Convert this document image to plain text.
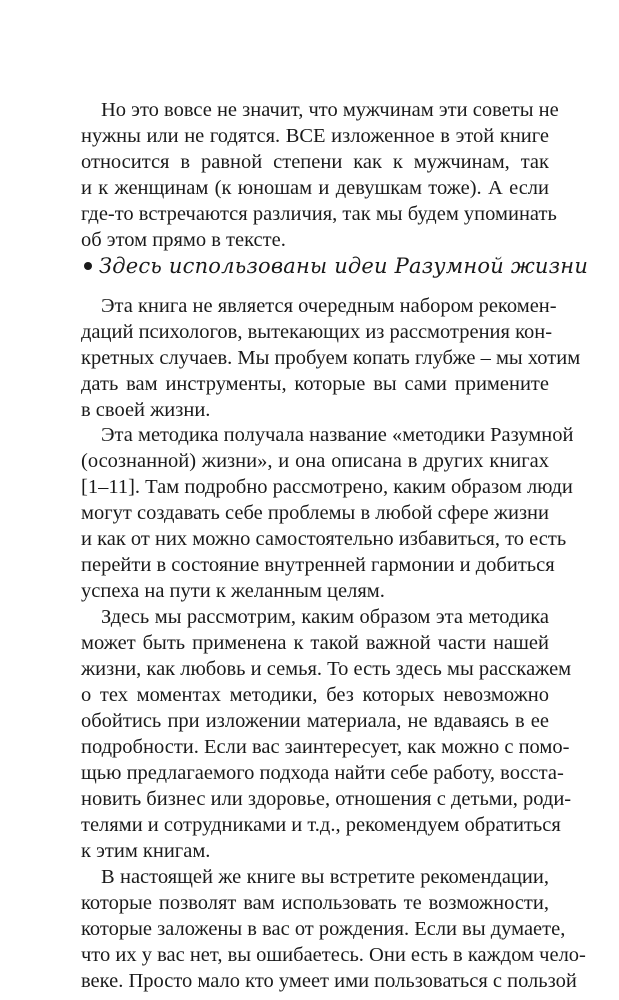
Но это вовсе не значит, что мужчинам эти советы не
нужны или не годятся. ВСЕ изложенное в этой книге
относится в равной степени как к мужчинам, так
и к женщинам (к юношам и девушкам тоже). А если
где-то встречаются различия, так мы будем упоминать
об этом прямо в тексте.
Здесь использованы идеи Разумной жизни
Эта книга не является очередным набором рекомен-
даций психологов, вытекающих из рассмотрения кон-
кретных случаев. Мы пробуем копать глубже – мы хотим
дать вам инструменты, которые вы сами примените
в своей жизни.
Эта методика получала название «методики Разумной
(осознанной) жизни», и она описана в других книгах
[1–11]. Там подробно рассмотрено, каким образом люди
могут создавать себе проблемы в любой сфере жизни
и как от них можно самостоятельно избавиться, то есть
перейти в состояние внутренней гармонии и добиться
успеха на пути к желанным целям.
Здесь мы рассмотрим, каким образом эта методика
может быть применена к такой важной части нашей
жизни, как любовь и семья. То есть здесь мы расскажем
о тех моментах методики, без которых невозможно
обойтись при изложении материала, не вдаваясь в ее
подробности. Если вас заинтересует, как можно с помо-
щью предлагаемого подхода найти себе работу, восста-
новить бизнес или здоровье, отношения с детьми, роди-
телями и сотрудниками и т.д., рекомендуем обратиться
к этим книгам.
В настоящей же книге вы встретите рекомендации,
которые позволят вам использовать те возможности,
которые заложены в вас от рождения. Если вы думаете,
что их у вас нет, вы ошибаетесь. Они есть в каждом чело-
веке. Просто мало кто умеет ими пользоваться с пользой
